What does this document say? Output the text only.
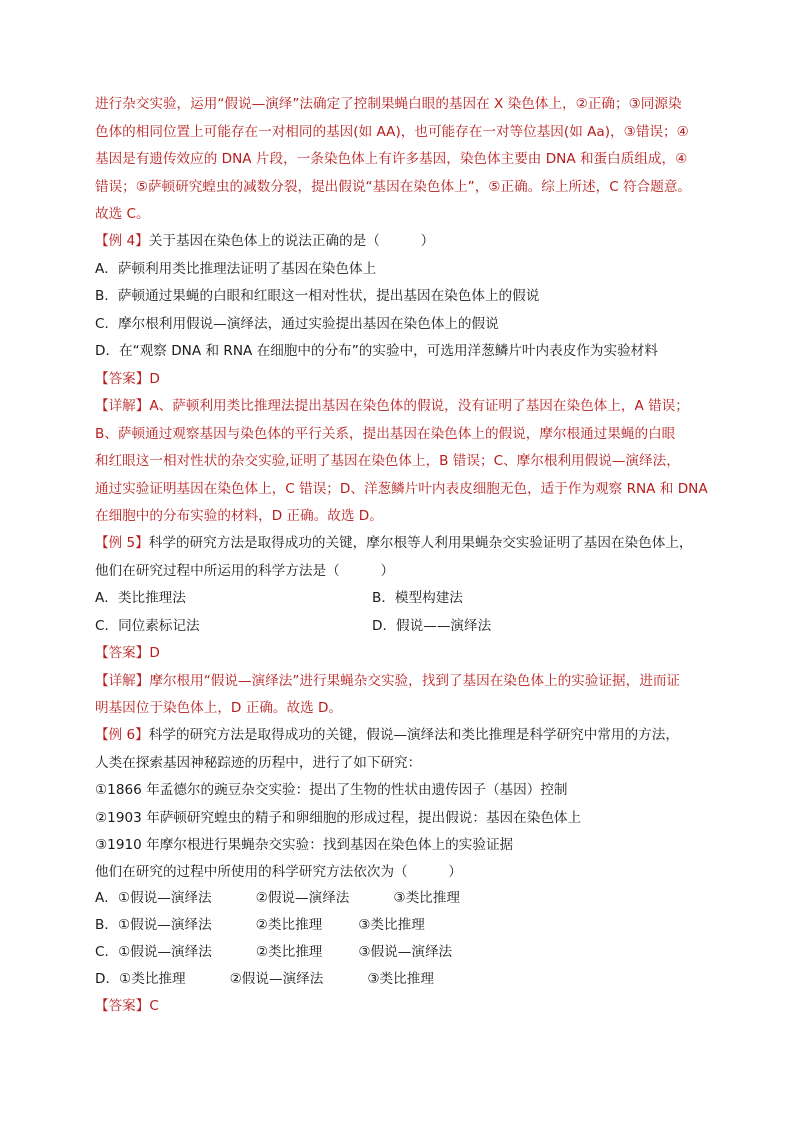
进行杂交实验，运用“假说—演绎”法确定了控制果蝇白眼的基因在 X 染色体上，②正确；③同源染
色体的相同位置上可能存在一对相同的基因(如 AA)，也可能存在一对等位基因(如 Aa)，③错误；④
基因是有遗传效应的 DNA 片段，一条染色体上有许多基因，染色体主要由 DNA 和蛋白质组成，④
错误；⑤萨顿研究蝗虫的减数分裂，提出假说“基因在染色体上”，⑤正确。综上所述，C 符合题意。
故选 C。
【例 4】关于基因在染色体上的说法正确的是（　　　）
A．萨顿利用类比推理法证明了基因在染色体上
B．萨顿通过果蝇的白眼和红眼这一相对性状，提出基因在染色体上的假说
C．摩尔根利用假说—演绎法，通过实验提出基因在染色体上的假说
D．在“观察 DNA 和 RNA 在细胞中的分布”的实验中，可选用洋葱鳞片叶内表皮作为实验材料
【答案】D
【详解】A、萨顿利用类比推理法提出基因在染色体的假说，没有证明了基因在染色体上，A 错误；
B、萨顿通过观察基因与染色体的平行关系，提出基因在染色体上的假说，摩尔根通过果蝇的白眼
和红眼这一相对性状的杂交实验,证明了基因在染色体上，B 错误；C、摩尔根利用假说—演绎法，
通过实验证明基因在染色体上，C 错误；D、洋葱鳞片叶内表皮细胞无色，适于作为观察 RNA 和 DNA
在细胞中的分布实验的材料，D 正确。故选 D。
【例 5】科学的研究方法是取得成功的关键，摩尔根等人利用果蝇杂交实验证明了基因在染色体上，
他们在研究过程中所运用的科学方法是（　　　）
A．类比推理法	B．模型构建法
C．同位素标记法	D．假说——演绎法
【答案】D
【详解】摩尔根用“假说—演绎法”进行果蝇杂交实验，找到了基因在染色体上的实验证据，进而证
明基因位于染色体上，D 正确。故选 D。
【例 6】科学的研究方法是取得成功的关键，假说—演绎法和类比推理是科学研究中常用的方法，
人类在探索基因神秘踪迹的历程中，进行了如下研究：
①1866 年孟德尔的豌豆杂交实验：提出了生物的性状由遗传因子（基因）控制
②1903 年萨顿研究蝗虫的精子和卵细胞的形成过程，提出假说：基因在染色体上
③1910 年摩尔根进行果蝇杂交实验：找到基因在染色体上的实验证据
他们在研究的过程中所使用的科学研究方法依次为（　　　）
A．①假说—演绎法	②假说—演绎法	③类比推理
B．①假说—演绎法	②类比推理	③类比推理
C．①假说—演绎法	②类比推理	③假说—演绎法
D．①类比推理	②假说—演绎法	③类比推理
【答案】C
